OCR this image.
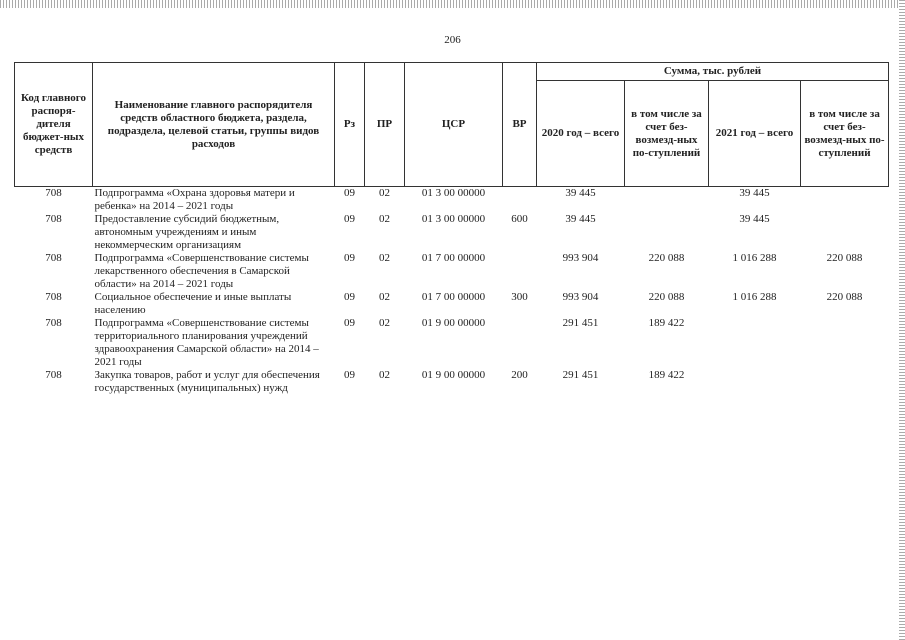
206
Код главного распоря-дителя бюджет-ных средств	Наименование главного распорядителя средств областного бюджета, раздела, подраздела, целевой статьи, группы видов расходов	Рз	ПР	ЦСР	ВР	Сумма, тыс. рублей			
						2020 год – всего	в том числе за счет без-возмезд-ных по-ступлений	2021 год – всего	в том числе за счет без-возмезд-ных по-ступлений
708	Подпрограмма «Охрана здоровья матери и ребенка» на 2014 – 2021 годы	09	02	01 3 00 00000		39 445		39 445	
708	Предоставление субсидий бюджетным, автономным учреждениям и иным некоммерческим организациям	09	02	01 3 00 00000	600	39 445		39 445	
708	Подпрограмма «Совершенствование системы лекарственного обеспечения в Самарской области» на 2014 – 2021 годы	09	02	01 7 00 00000		993 904	220 088	1 016 288	220 088
708	Социальное обеспечение и иные выплаты населению	09	02	01 7 00 00000	300	993 904	220 088	1 016 288	220 088
708	Подпрограмма «Совершенствование системы территориального планирования учреждений здравоохранения Самарской области» на 2014 – 2021 годы	09	02	01 9 00 00000		291 451	189 422		
708	Закупка товаров, работ и услуг для обеспечения государственных (муниципальных) нужд	09	02	01 9 00 00000	200	291 451	189 422		
